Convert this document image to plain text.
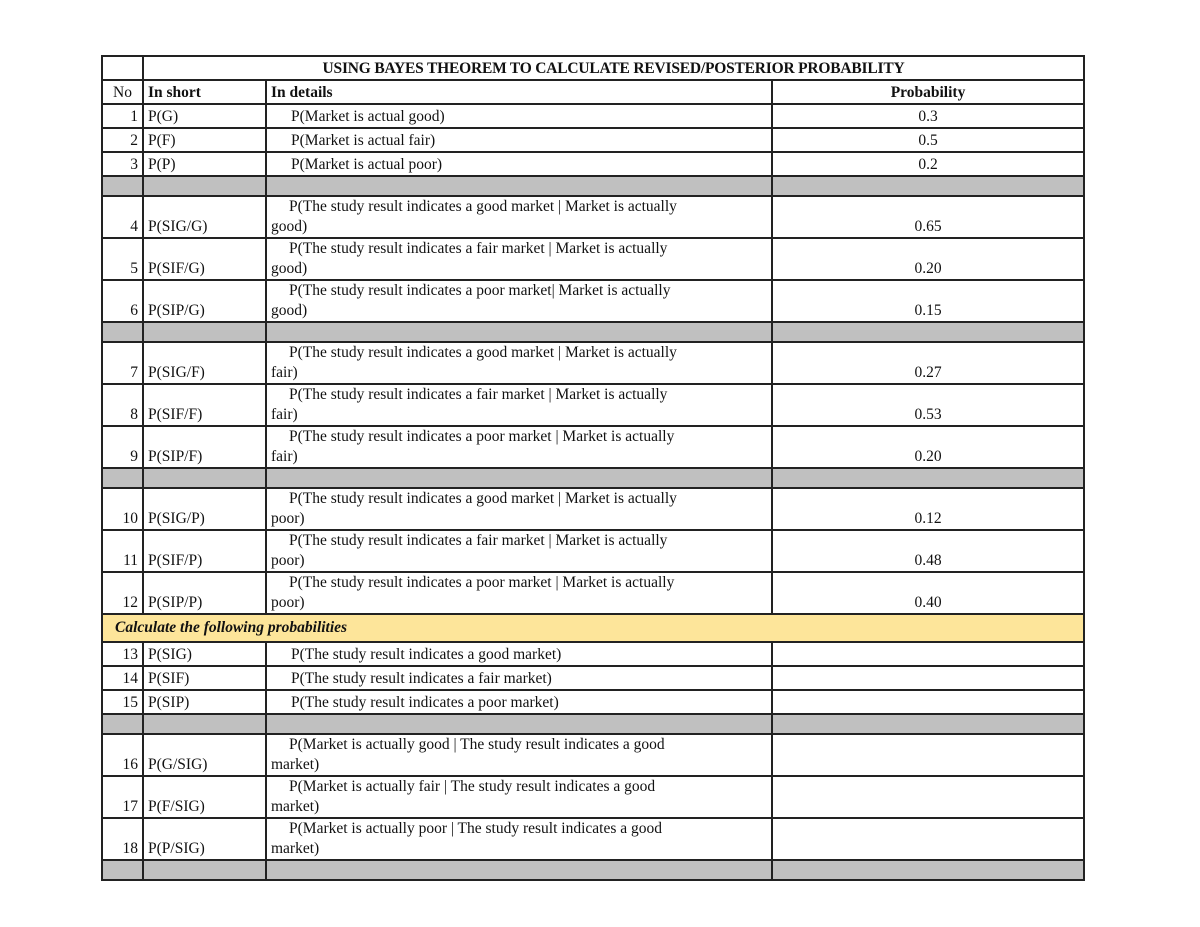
	USING BAYES THEOREM TO CALCULATE REVISED/POSTERIOR PROBABILITY		
No	In short	In details	Probability
1	P(G)	P(Market is actual good)	0.3
2	P(F)	P(Market is actual fair)	0.5
3	P(P)	P(Market is actual poor)	0.2

4	P(SIG/G)	P(The study result indicates a good market | Market is actually
good)	0.65
5	P(SIF/G)	P(The study result indicates a fair market | Market is actually
good)	0.20
6	P(SIP/G)	P(The study result indicates a poor market| Market is actually
good)	0.15

7	P(SIG/F)	P(The study result indicates a good market | Market is actually
fair)	0.27
8	P(SIF/F)	P(The study result indicates a fair market | Market is actually
fair)	0.53
9	P(SIP/F)	P(The study result indicates a poor market | Market is actually
fair)	0.20

10	P(SIG/P)	P(The study result indicates a good market | Market is actually
poor)	0.12
11	P(SIF/P)	P(The study result indicates a fair market | Market is actually
poor)	0.48
12	P(SIP/P)	P(The study result indicates a poor market | Market is actually
poor)	0.40
Calculate the following probabilities			
13	P(SIG)	P(The study result indicates a good market)	
14	P(SIF)	P(The study result indicates a fair market)	
15	P(SIP)	P(The study result indicates a poor market)	

16	P(G/SIG)	P(Market is actually good | The study result indicates a good
market)	
17	P(F/SIG)	P(Market is actually fair | The study result indicates a good
market)	
18	P(P/SIG)	P(Market is actually poor | The study result indicates a good
market)	
